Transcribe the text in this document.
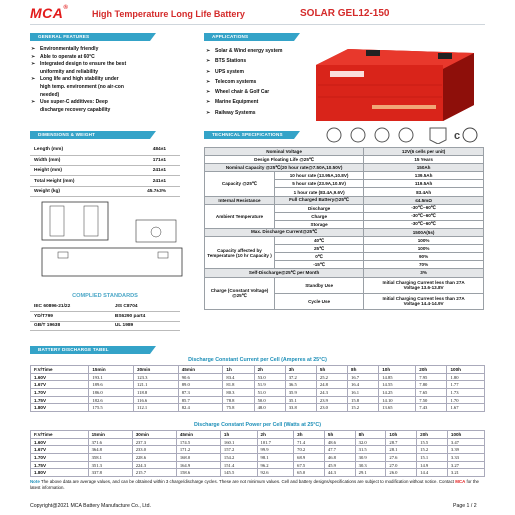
MCA®
High Temperature Long Life Battery	SOLAR GEL12-150
GENERAL FEATURES
➢ Environmentally friendly
➢ Able to operate at 60°C
➢ Integrated design to ensure the best
uniformity and reliability
➢ Long life and high stability under
high temp. environment (no air-con
needed)
➢ Use super-C additives: Deep
discharge recovery capability
APPLICATIONS
➢ Solar & Wind energy system
➢ BTS Stations
➢ UPS system
➢ Telecom systems
➢ Wheel chair & Golf Car
➢ Marine Equipment
➢ Railway Systems
c
DIMENSIONS & WEIGHT
Length (mm)	484±1
Width (mm)	171±1
Height (mm)	241±1
Total Height (mm)	241±1
Weight (kg)	45.7±3%
COMPLIED STANDARDS
IEC 60896-21/22	JIS C8704
YD/T799	BS6290 part4
GB/T 19638	UL 1989
TECHNICAL SPECIFICATIONS
Nominal Voltage		12V(6 cells per unit)
Design Floating Life @25℃		15 Years
Nominal Capacity @25℃(20 hour rate@7.50A,10.50V)		150Ah
Capacity @25℃	10 hour rate (13.95A,10.8V)	139.5Ah
	5 hour rate (23.9A,10.5V)	119.5Ah
	1 hour rate (83.4A,9.6V)	83.4Ah
Internal Resistance	Full Charged Battery@25℃	≤4.5mΩ
Ambient Temperature	Discharge	-30℃~60℃
	Charge	-30℃~60℃
	Storage	-30℃~60℃
Max. Discharge Current@25℃		1500A(5s)
Capacity affected by Temperature (10 hr Capacity )	40℃	100%
	25℃	100%
	0℃	90%
	-15℃	70%
Self-Discharge@25℃ per Month		3%
Charge (Constant Voltage) @25℃	Standby Use	Initial Charging Current less than 27A
Voltage 13.6-13.8V
	Cycle Use	Initial Charging Current less than 27A
Voltage 14.4-14.9V
BATTERY DISCHARGE TABEL
Discharge Constant Current per Cell (Amperes at 25°C)
F.V/Time	15min	30min	45min	1h	2h	3h	5h	8h	10h	20h	100h
1.60V	193.1	123.3	90.6	83.4	53.0	37.2	25.2	16.7	14.85	7.95	1.80
1.67V	189.6	121.1	89.0	81.8	51.9	36.5	24.8	16.4	14.55	7.80	1.77
1.70V	186.0	118.8	87.3	80.3	51.0	35.9	24.3	16.1	14.25	7.65	1.73
1.75V	182.6	116.6	85.7	78.8	50.0	35.1	23.9	15.8	14.10	7.50	1.70
1.80V	175.5	112.1	82.4	75.8	48.0	33.8	23.0	15.2	13.65	7.43	1.67
Discharge Constant Power per Cell (Watts at 25°C)
F.V/Time	15min	30min	45min	1h	2h	3h	5h	8h	10h	20h	100h
1.60V	371.6	237.3	174.5	160.1	101.7	71.4	48.6	32.0	28.7	15.5	3.47
1.67V	364.8	233.0	171.2	157.2	99.9	70.2	47.7	31.5	28.1	15.2	3.39
1.70V	358.1	228.6	168.0	154.2	98.1	68.9	46.8	30.9	27.6	15.1	3.33
1.75V	351.3	224.3	164.9	151.4	96.2	67.5	45.9	30.3	27.0	14.9	3.27
1.80V	337.8	215.7	158.6	145.5	92.6	65.0	44.3	29.1	26.0	14.4	3.21
Note The above data are average values, and can be obtained within 3 charge/discharge cycles. These are not minimum values. Cell and battery designs/specifications are subject to modification without notice. Contact MCA for the latest information.
Copyright@2021 MCA Battery Manufacture Co., Ltd.	Page 1 / 2
